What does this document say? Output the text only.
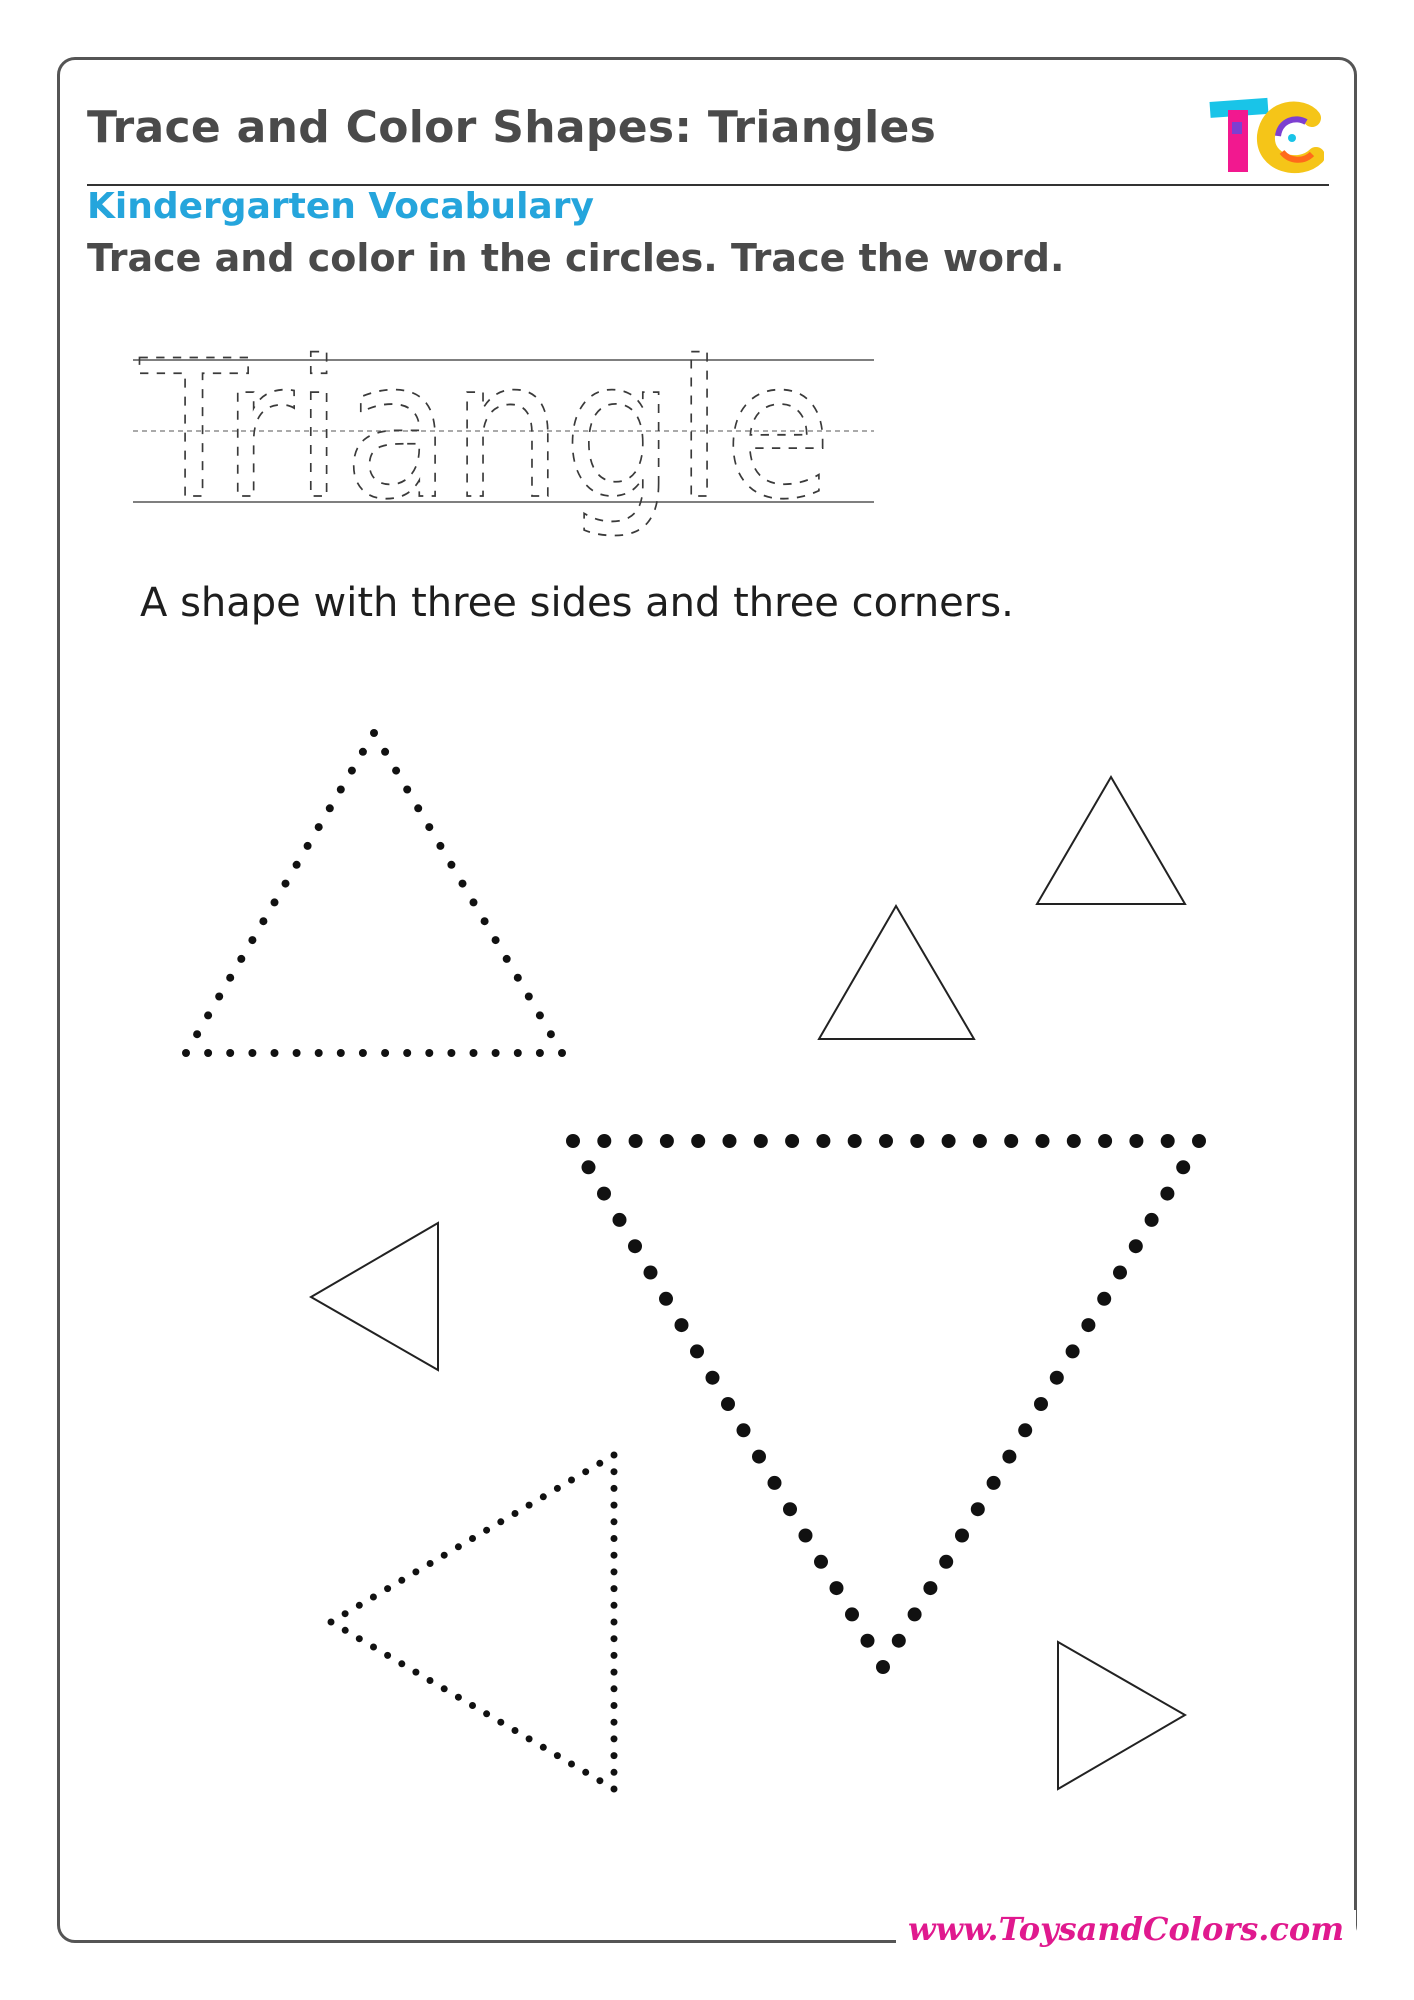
Trace and Color Shapes: Triangles
Kindergarten Vocabulary
Trace and color in the circles. Trace the word.
Triangle

A shape with three sides and three corners.

www.ToysandColors.com
